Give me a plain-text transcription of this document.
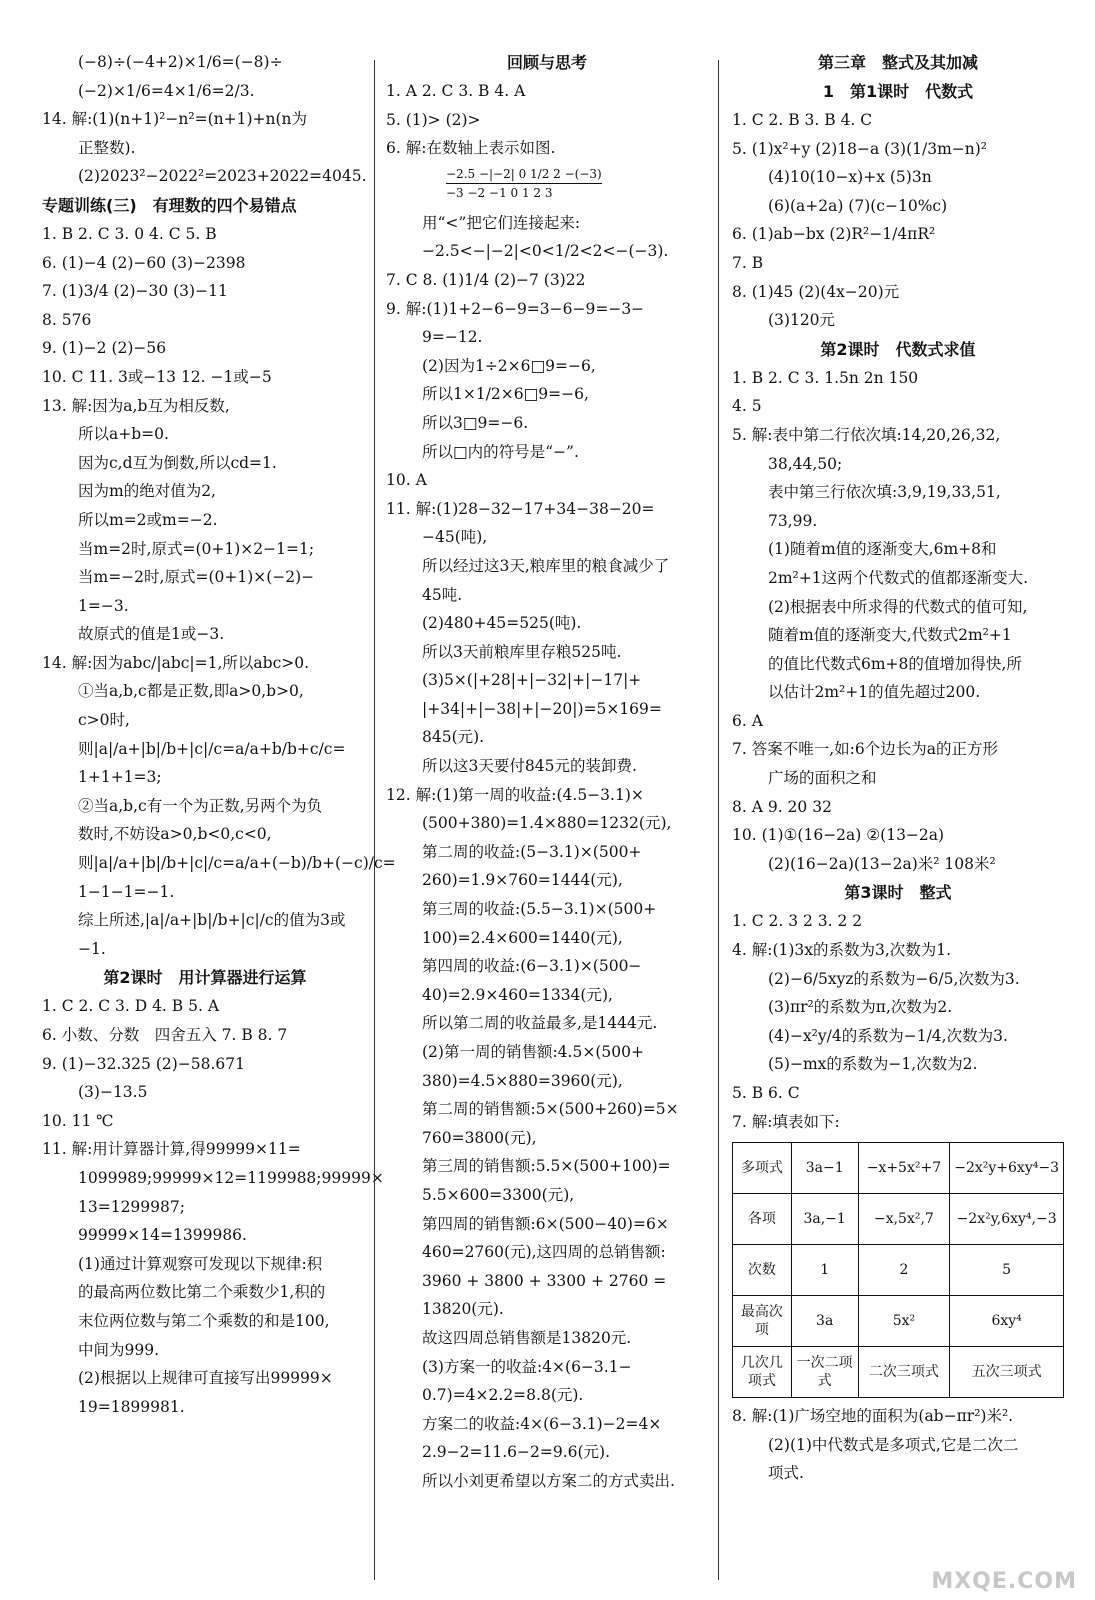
(−8)÷(−4+2)×1/6=(−8)÷
(−2)×1/6=4×1/6=2/3.
14. 解:(1)(n+1)²−n²=(n+1)+n(n为
正整数).
(2)2023²−2022²=2023+2022=4045.
专题训练(三)　有理数的四个易错点
1. B 2. C 3. 0 4. C 5. B
6. (1)−4 (2)−60 (3)−2398
7. (1)3/4 (2)−30 (3)−11
8. 576
9. (1)−2 (2)−56
10. C 11. 3或−13 12. −1或−5
13. 解:因为a,b互为相反数,
所以a+b=0.
因为c,d互为倒数,所以cd=1.
因为m的绝对值为2,
所以m=2或m=−2.
当m=2时,原式=(0+1)×2−1=1;
当m=−2时,原式=(0+1)×(−2)−
1=−3.
故原式的值是1或−3.
14. 解:因为abc/|abc|=1,所以abc>0.
①当a,b,c都是正数,即a>0,b>0,
c>0时,
则|a|/a+|b|/b+|c|/c=a/a+b/b+c/c=
1+1+1=3;
②当a,b,c有一个为正数,另两个为负
数时,不妨设a>0,b<0,c<0,
则|a|/a+|b|/b+|c|/c=a/a+(−b)/b+(−c)/c=
1−1−1=−1.
综上所述,|a|/a+|b|/b+|c|/c的值为3或
−1.
第2课时　用计算器进行运算
1. C 2. C 3. D 4. B 5. A
6. 小数、分数　四舍五入 7. B 8. 7
9. (1)−32.325 (2)−58.671
(3)−13.5
10. 11 ℃
11. 解:用计算器计算,得99999×11=
1099989;99999×12=1199988;99999×
13=1299987;
99999×14=1399986.
(1)通过计算观察可发现以下规律:积
的最高两位数比第二个乘数少1,积的
末位两位数与第二个乘数的和是100,
中间为999.
(2)根据以上规律可直接写出99999×
19=1899981.
回顾与思考
1. A 2. C 3. B 4. A
5. (1)> (2)>
6. 解:在数轴上表示如图.
−2.5 −|−2| 0 1/2 2 −(−3)
−3 −2 −1 0 1 2 3
用“<”把它们连接起来:
−2.5<−|−2|<0<1/2<2<−(−3).
7. C 8. (1)1/4 (2)−7 (3)22
9. 解:(1)1+2−6−9=3−6−9=−3−
9=−12.
(2)因为1÷2×6□9=−6,
所以1×1/2×6□9=−6,
所以3□9=−6.
所以□内的符号是“−”.
10. A
11. 解:(1)28−32−17+34−38−20=
−45(吨),
所以经过这3天,粮库里的粮食减少了
45吨.
(2)480+45=525(吨).
所以3天前粮库里存粮525吨.
(3)5×(|+28|+|−32|+|−17|+
|+34|+|−38|+|−20|)=5×169=
845(元).
所以这3天要付845元的装卸费.
12. 解:(1)第一周的收益:(4.5−3.1)×
(500+380)=1.4×880=1232(元),
第二周的收益:(5−3.1)×(500+
260)=1.9×760=1444(元),
第三周的收益:(5.5−3.1)×(500+
100)=2.4×600=1440(元),
第四周的收益:(6−3.1)×(500−
40)=2.9×460=1334(元),
所以第二周的收益最多,是1444元.
(2)第一周的销售额:4.5×(500+
380)=4.5×880=3960(元),
第二周的销售额:5×(500+260)=5×
760=3800(元),
第三周的销售额:5.5×(500+100)=
5.5×600=3300(元),
第四周的销售额:6×(500−40)=6×
460=2760(元),这四周的总销售额:
3960 + 3800 + 3300 + 2760 =
13820(元).
故这四周总销售额是13820元.
(3)方案一的收益:4×(6−3.1−
0.7)=4×2.2=8.8(元).
方案二的收益:4×(6−3.1)−2=4×
2.9−2=11.6−2=9.6(元).
所以小刘更希望以方案二的方式卖出.
第三章　整式及其加减
1　第1课时　代数式
1. C 2. B 3. B 4. C
5. (1)x²+y (2)18−a (3)(1/3m−n)²
(4)10(10−x)+x (5)3n
(6)(a+2a) (7)(c−10%c)
6. (1)ab−bx (2)R²−1/4πR²
7. B
8. (1)45 (2)(4x−20)元
(3)120元
第2课时　代数式求值
1. B 2. C 3. 1.5n 2n 150
4. 5
5. 解:表中第二行依次填:14,20,26,32,
38,44,50;
表中第三行依次填:3,9,19,33,51,
73,99.
(1)随着m值的逐渐变大,6m+8和
2m²+1这两个代数式的值都逐渐变大.
(2)根据表中所求得的代数式的值可知,
随着m值的逐渐变大,代数式2m²+1
的值比代数式6m+8的值增加得快,所
以估计2m²+1的值先超过200.
6. A
7. 答案不唯一,如:6个边长为a的正方形
广场的面积之和
8. A 9. 20 32
10. (1)①(16−2a) ②(13−2a)
(2)(16−2a)(13−2a)米² 108米²
第3课时　整式
1. C 2. 3 2 3. 2 2
4. 解:(1)3x的系数为3,次数为1.
(2)−6/5xyz的系数为−6/5,次数为3.
(3)πr²的系数为π,次数为2.
(4)−x²y/4的系数为−1/4,次数为3.
(5)−mx的系数为−1,次数为2.
5. B 6. C
7. 解:填表如下:
多项式	3a−1	−x+5x²+7	−2x²y+6xy⁴−3
各项	3a,−1	−x,5x²,7	−2x²y,6xy⁴,−3
次数	1	2	5
最高次项	3a	5x²	6xy⁴
几次几项式	一次二项式	二次三项式	五次三项式
8. 解:(1)广场空地的面积为(ab−πr²)米².
(2)(1)中代数式是多项式,它是二次二
项式.
MXQE.COM
